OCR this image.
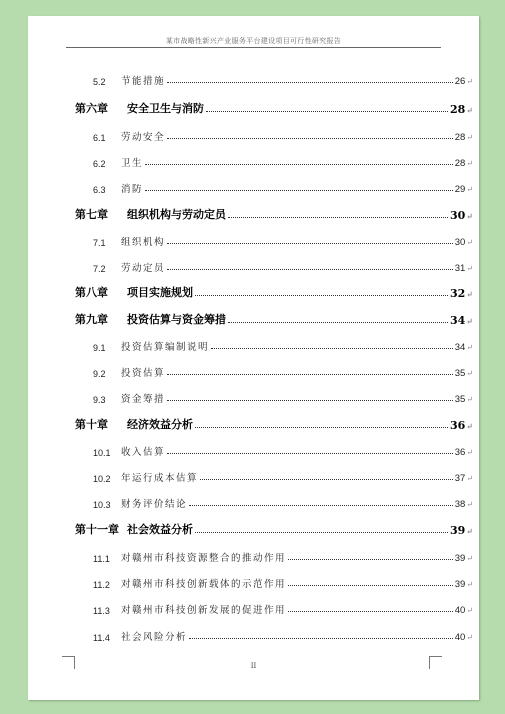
某市战略性新兴产业服务平台建设项目可行性研究报告
5.2	节能措施	26↵
第六章	安全卫生与消防	28↵
6.1	劳动安全	28↵
6.2	卫生	28↵
6.3	消防	29↵
第七章	组织机构与劳动定员	30↵
7.1	组织机构	30↵
7.2	劳动定员	31↵
第八章	项目实施规划	32↵
第九章	投资估算与资金筹措	34↵
9.1	投资估算编制说明	34↵
9.2	投资估算	35↵
9.3	资金筹措	35↵
第十章	经济效益分析	36↵
10.1	收入估算	36↵
10.2	年运行成本估算	37↵
10.3	财务评价结论	38↵
第十一章 社会效益分析	39↵
11.1	对赣州市科技资源整合的推动作用	39↵
11.2	对赣州市科技创新载体的示范作用	39↵
11.3	对赣州市科技创新发展的促进作用	40↵
11.4	社会风险分析	40↵
II
